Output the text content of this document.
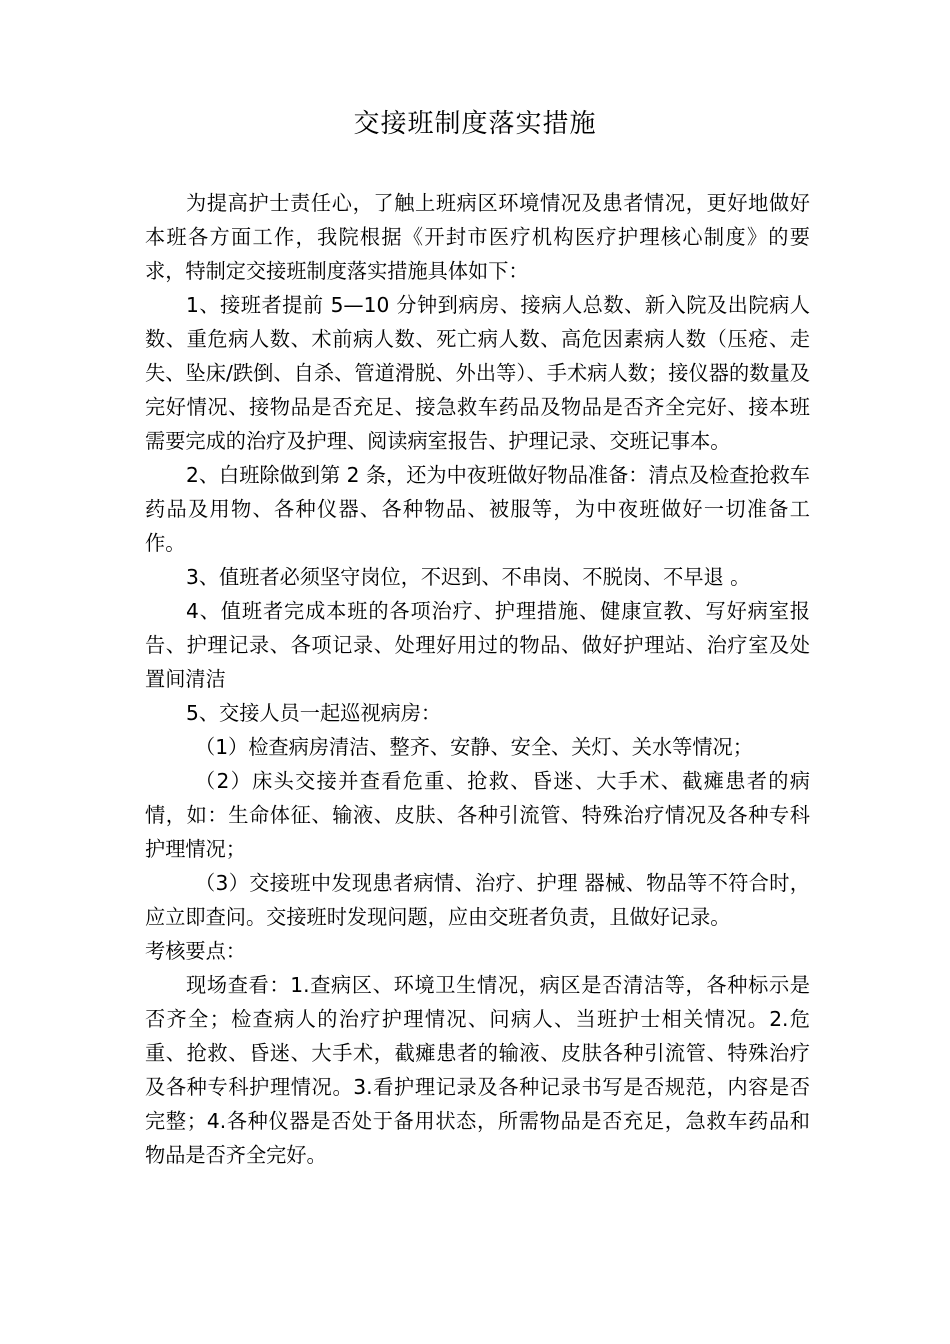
交接班制度落实措施

为提高护士责任心，了触上班病区环境情况及患者情况，更好地做好本班各方面工作，我院根据《开封市医疗机构医疗护理核心制度》的要求，特制定交接班制度落实措施具体如下：

1、接班者提前 5—10 分钟到病房、接病人总数、新入院及出院病人数、重危病人数、术前病人数、死亡病人数、高危因素病人数（压疮、走失、坠床/跌倒、自杀、管道滑脱、外出等）、手术病人数；接仪器的数量及完好情况、接物品是否充足、接急救车药品及物品是否齐全完好、接本班需要完成的治疗及护理、阅读病室报告、护理记录、交班记事本。

2、白班除做到第 2 条，还为中夜班做好物品准备：清点及检查抢救车药品及用物、各种仪器、各种物品、被服等，为中夜班做好一切准备工作。

3、值班者必须坚守岗位，不迟到、不串岗、不脱岗、不早退 。

4、值班者完成本班的各项治疗、护理措施、健康宣教、写好病室报告、护理记录、各项记录、处理好用过的物品、做好护理站、治疗室及处置间清洁

5、交接人员一起巡视病房：

（1）检查病房清洁、整齐、安静、安全、关灯、关水等情况；

（2）床头交接并查看危重、抢救、昏迷、大手术、截瘫患者的病情，如：生命体征、输液、皮肤、各种引流管、特殊治疗情况及各种专科护理情况；

（3）交接班中发现患者病情、治疗、护理 器械、物品等不符合时，应立即查问。交接班时发现问题，应由交班者负责，且做好记录。

考核要点：

现场查看：1.查病区、环境卫生情况，病区是否清洁等，各种标示是否齐全；检查病人的治疗护理情况、问病人、当班护士相关情况。2.危重、抢救、昏迷、大手术，截瘫患者的输液、皮肤各种引流管、特殊治疗及各种专科护理情况。3.看护理记录及各种记录书写是否规范，内容是否完整；4.各种仪器是否处于备用状态，所需物品是否充足，急救车药品和物品是否齐全完好。
